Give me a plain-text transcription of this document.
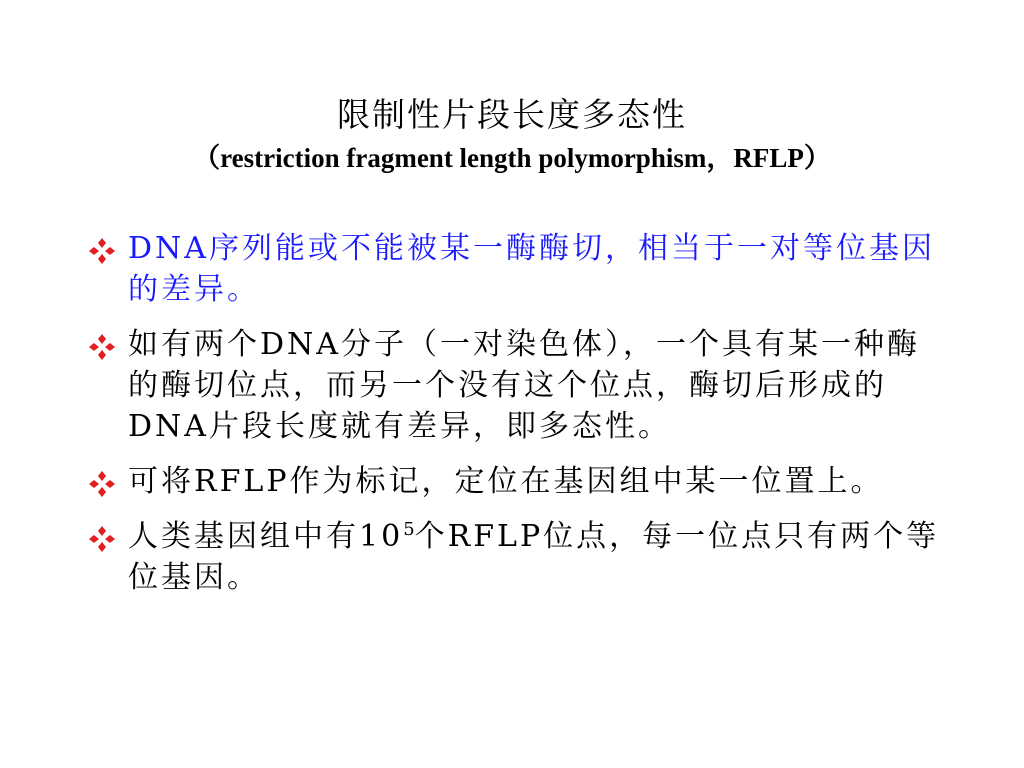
限制性片段长度多态性
（restriction fragment length polymorphism，RFLP）
DNA序列能或不能被某一酶酶切，相当于一对等位基因的差异。
如有两个DNA分子（一对染色体），一个具有某一种酶的酶切位点，而另一个没有这个位点，酶切后形成的DNA片段长度就有差异，即多态性。
可将RFLP作为标记，定位在基因组中某一位置上。
人类基因组中有$10^5$个RFLP位点，每一位点只有两个等位基因。
